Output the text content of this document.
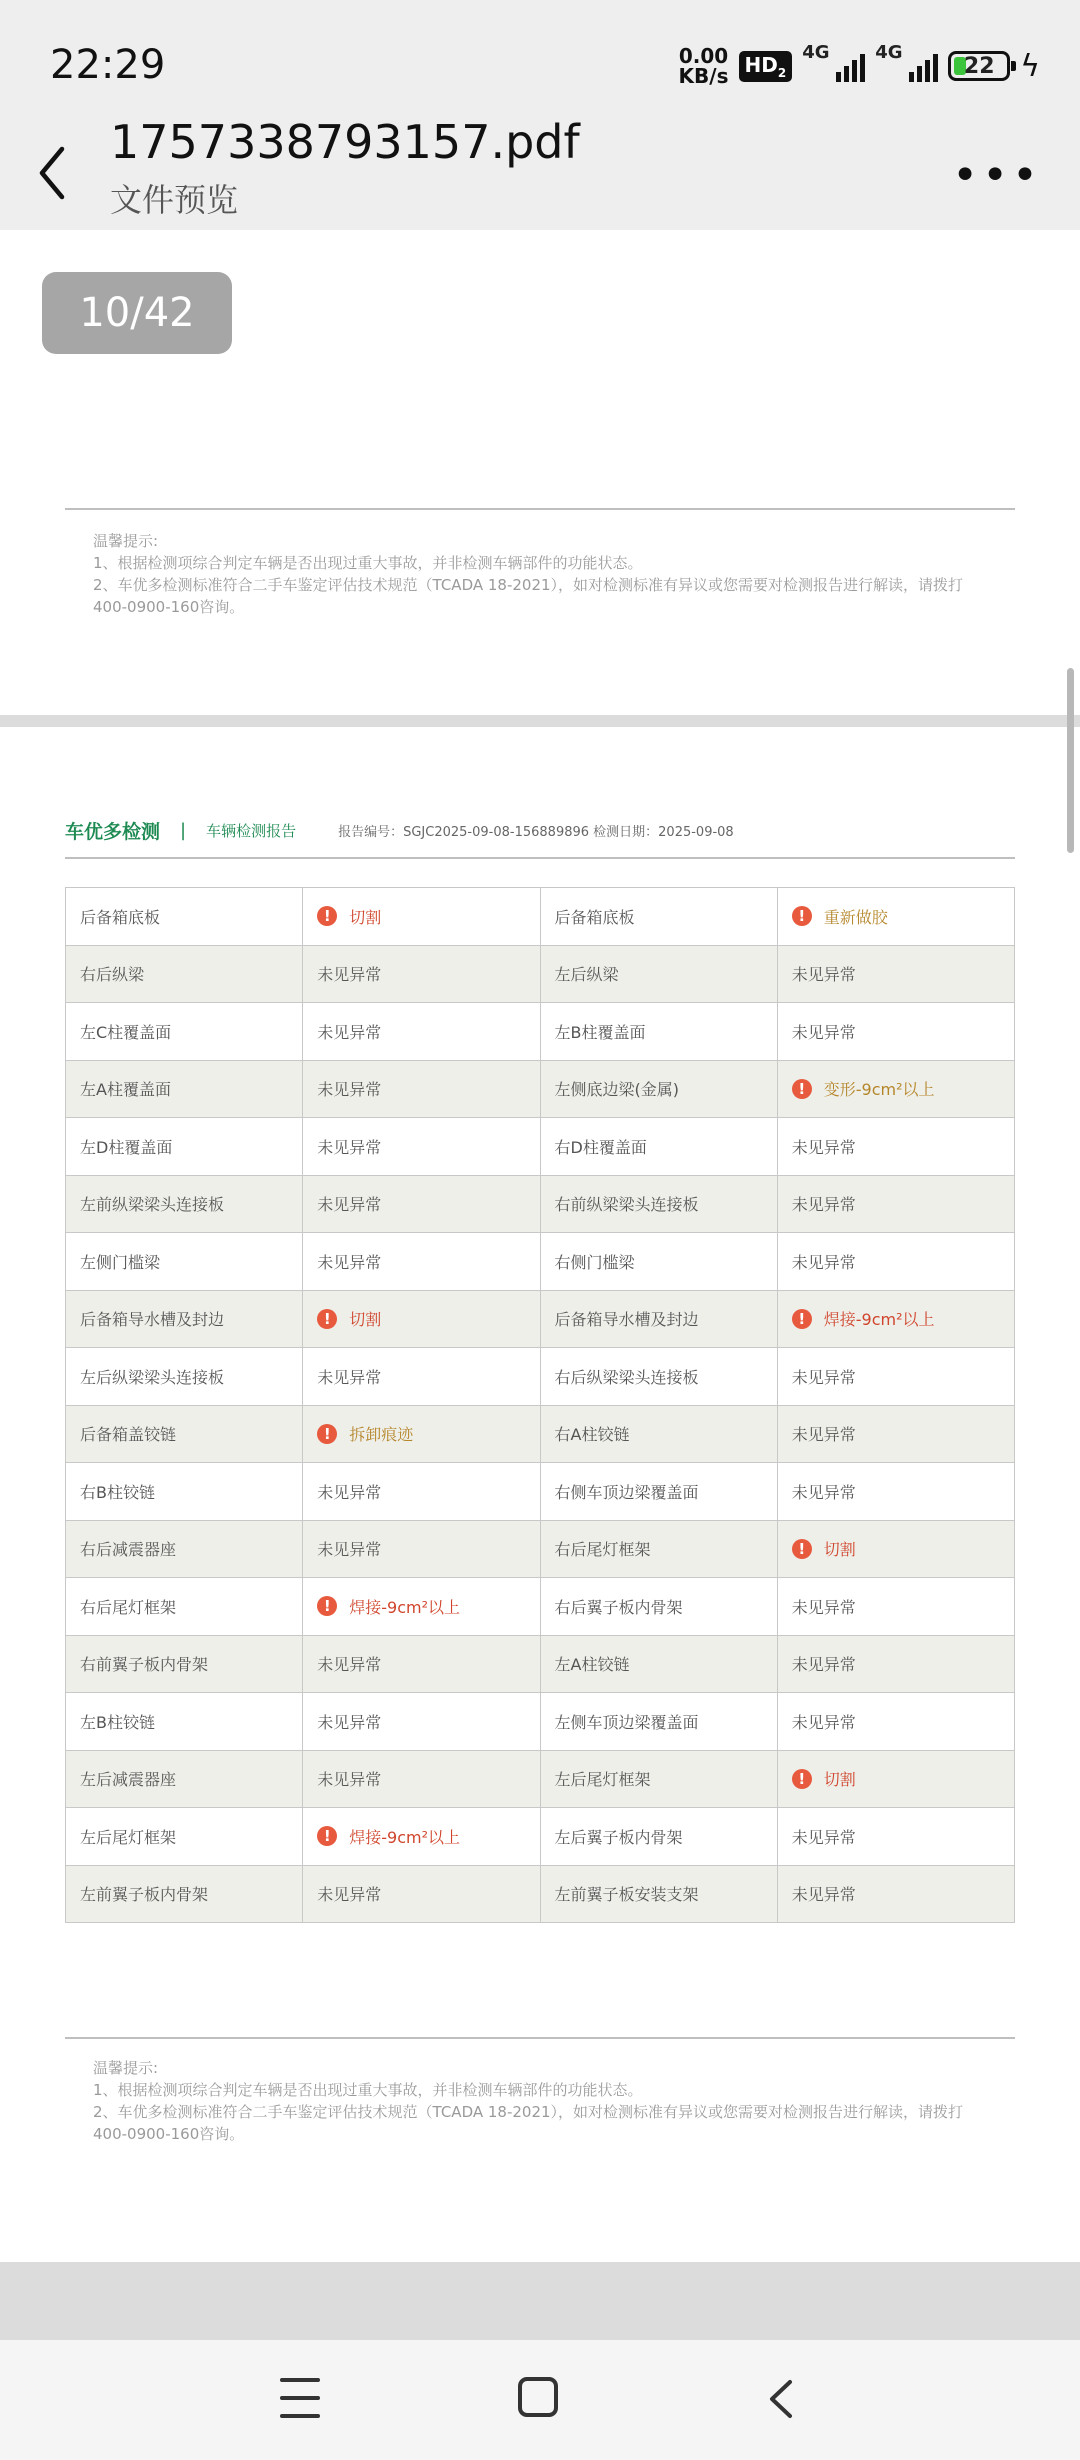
22:29	0.00
KB/s $HD_2$
4G	4G
22 ϟ
1757338793157.pdf
文件预览	•••
10/42
温馨提示:
1、根据检测项综合判定车辆是否出现过重大事故，并非检测车辆部件的功能状态。
2、车优多检测标准符合二手车鉴定评估技术规范（TCADA 18-2021），如对检测标准有异议或您需要对检测报告进行解读，请拨打
400-0900-160咨询。
车优多检测 | 车辆检测报告	报告编号：SGJC2025-09-08-156889896 检测日期：2025-09-08
后备箱底板	! 切割	后备箱底板	! 重新做胶

右后纵梁	未见异常	左后纵梁	未见异常
左C柱覆盖面	未见异常	左B柱覆盖面	未见异常
左A柱覆盖面	未见异常	左侧底边梁(金属)	! 变形-9cm²以上

左D柱覆盖面	未见异常	右D柱覆盖面	未见异常
左前纵梁梁头连接板	未见异常	右前纵梁梁头连接板	未见异常
左侧门槛梁	未见异常	右侧门槛梁	未见异常
后备箱导水槽及封边	! 切割	后备箱导水槽及封边	! 焊接-9cm²以上

左后纵梁梁头连接板	未见异常	右后纵梁梁头连接板	未见异常
后备箱盖铰链	! 拆卸痕迹	右A柱铰链	未见异常
右B柱铰链	未见异常	右侧车顶边梁覆盖面	未见异常
右后减震器座	未见异常	右后尾灯框架	! 切割

右后尾灯框架	! 焊接-9cm²以上	右后翼子板内骨架	未见异常
右前翼子板内骨架	未见异常	左A柱铰链	未见异常
左B柱铰链	未见异常	左侧车顶边梁覆盖面	未见异常
左后减震器座	未见异常	左后尾灯框架	! 切割

左后尾灯框架	! 焊接-9cm²以上	左后翼子板内骨架	未见异常
左前翼子板内骨架	未见异常	左前翼子板安装支架	未见异常
温馨提示:
1、根据检测项综合判定车辆是否出现过重大事故，并非检测车辆部件的功能状态。
2、车优多检测标准符合二手车鉴定评估技术规范（TCADA 18-2021），如对检测标准有异议或您需要对检测报告进行解读，请拨打
400-0900-160咨询。
